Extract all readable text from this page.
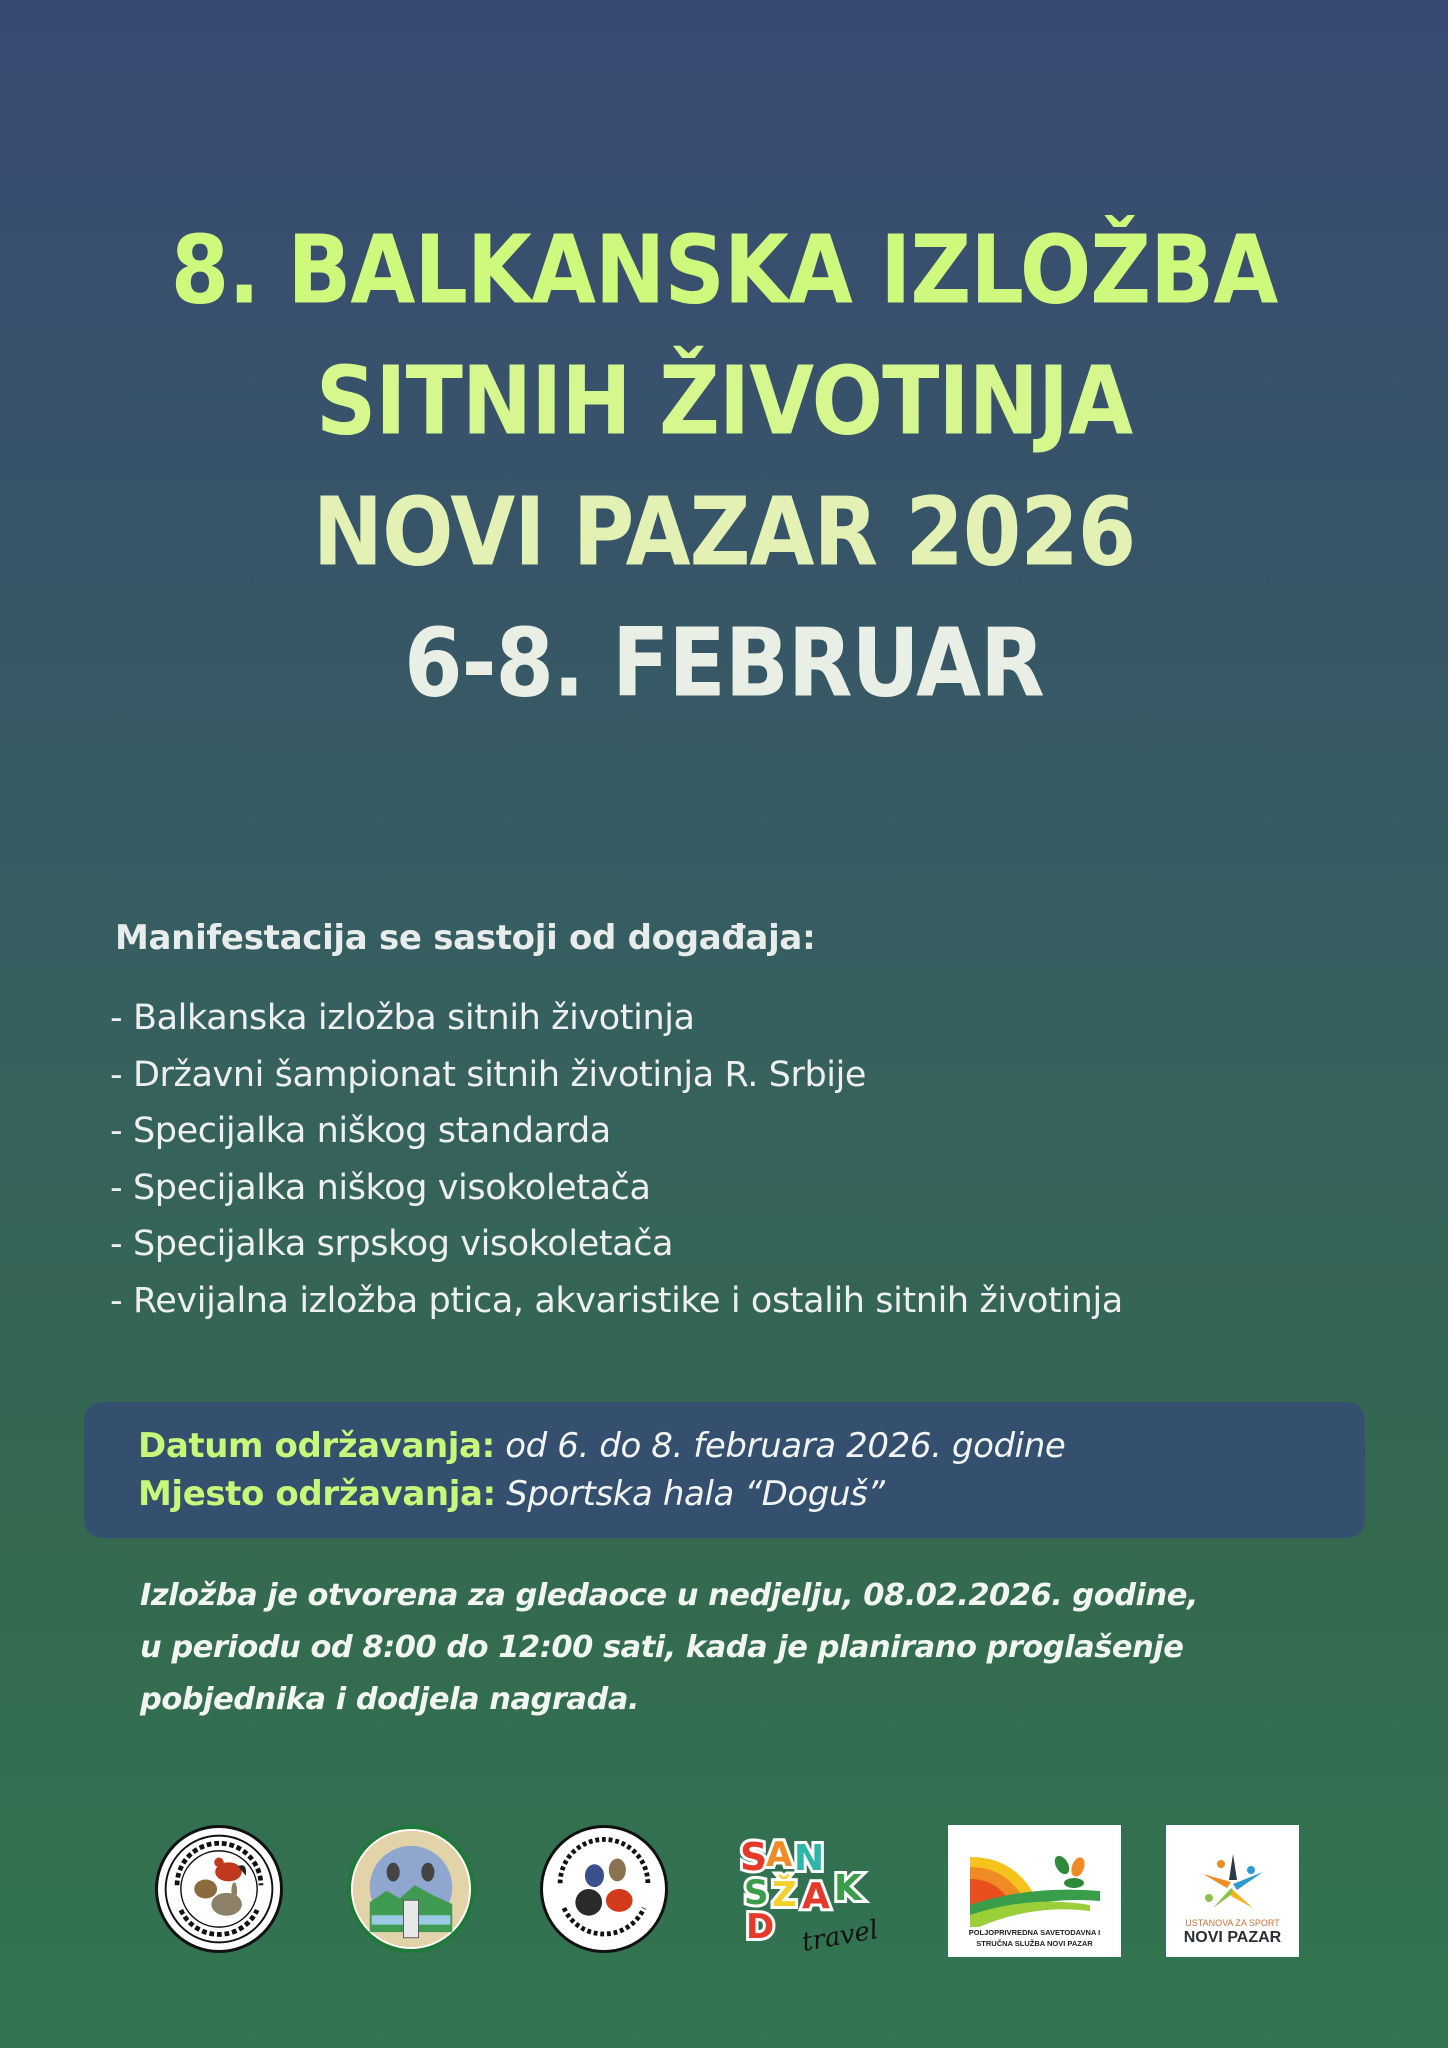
8. BALKANSKA IZLOŽBA
SITNIH ŽIVOTINJA
NOVI PAZAR 2026
6-8. FEBRUAR
Manifestacija se sastoji od događaja:
- Balkanska izložba sitnih životinja
- Državni šampionat sitnih životinja R. Srbije
- Specijalka niškog standarda
- Specijalka niškog visokoletača
- Specijalka srpskog visokoletača
- Revijalna izložba ptica, akvaristike i ostalih sitnih životinja
Datum održavanja: od 6. do 8. februara 2026. godine
Mjesto održavanja: Sportska hala “Doguš”
Izložba je otvorena za gledaoce u nedjelju, 08.02.2026. godine,
u periodu od 8:00 do 12:00 sati, kada je planirano proglašenje
pobjednika i dodjela nagrada.
S
A N
S Ž A K
D travel	POLJOPRIVREDNA SAVETODAVNA I
STRUČNA SLUŽBA NOVI PAZAR
USTANOVA ZA SPORT
NOVI PAZAR
